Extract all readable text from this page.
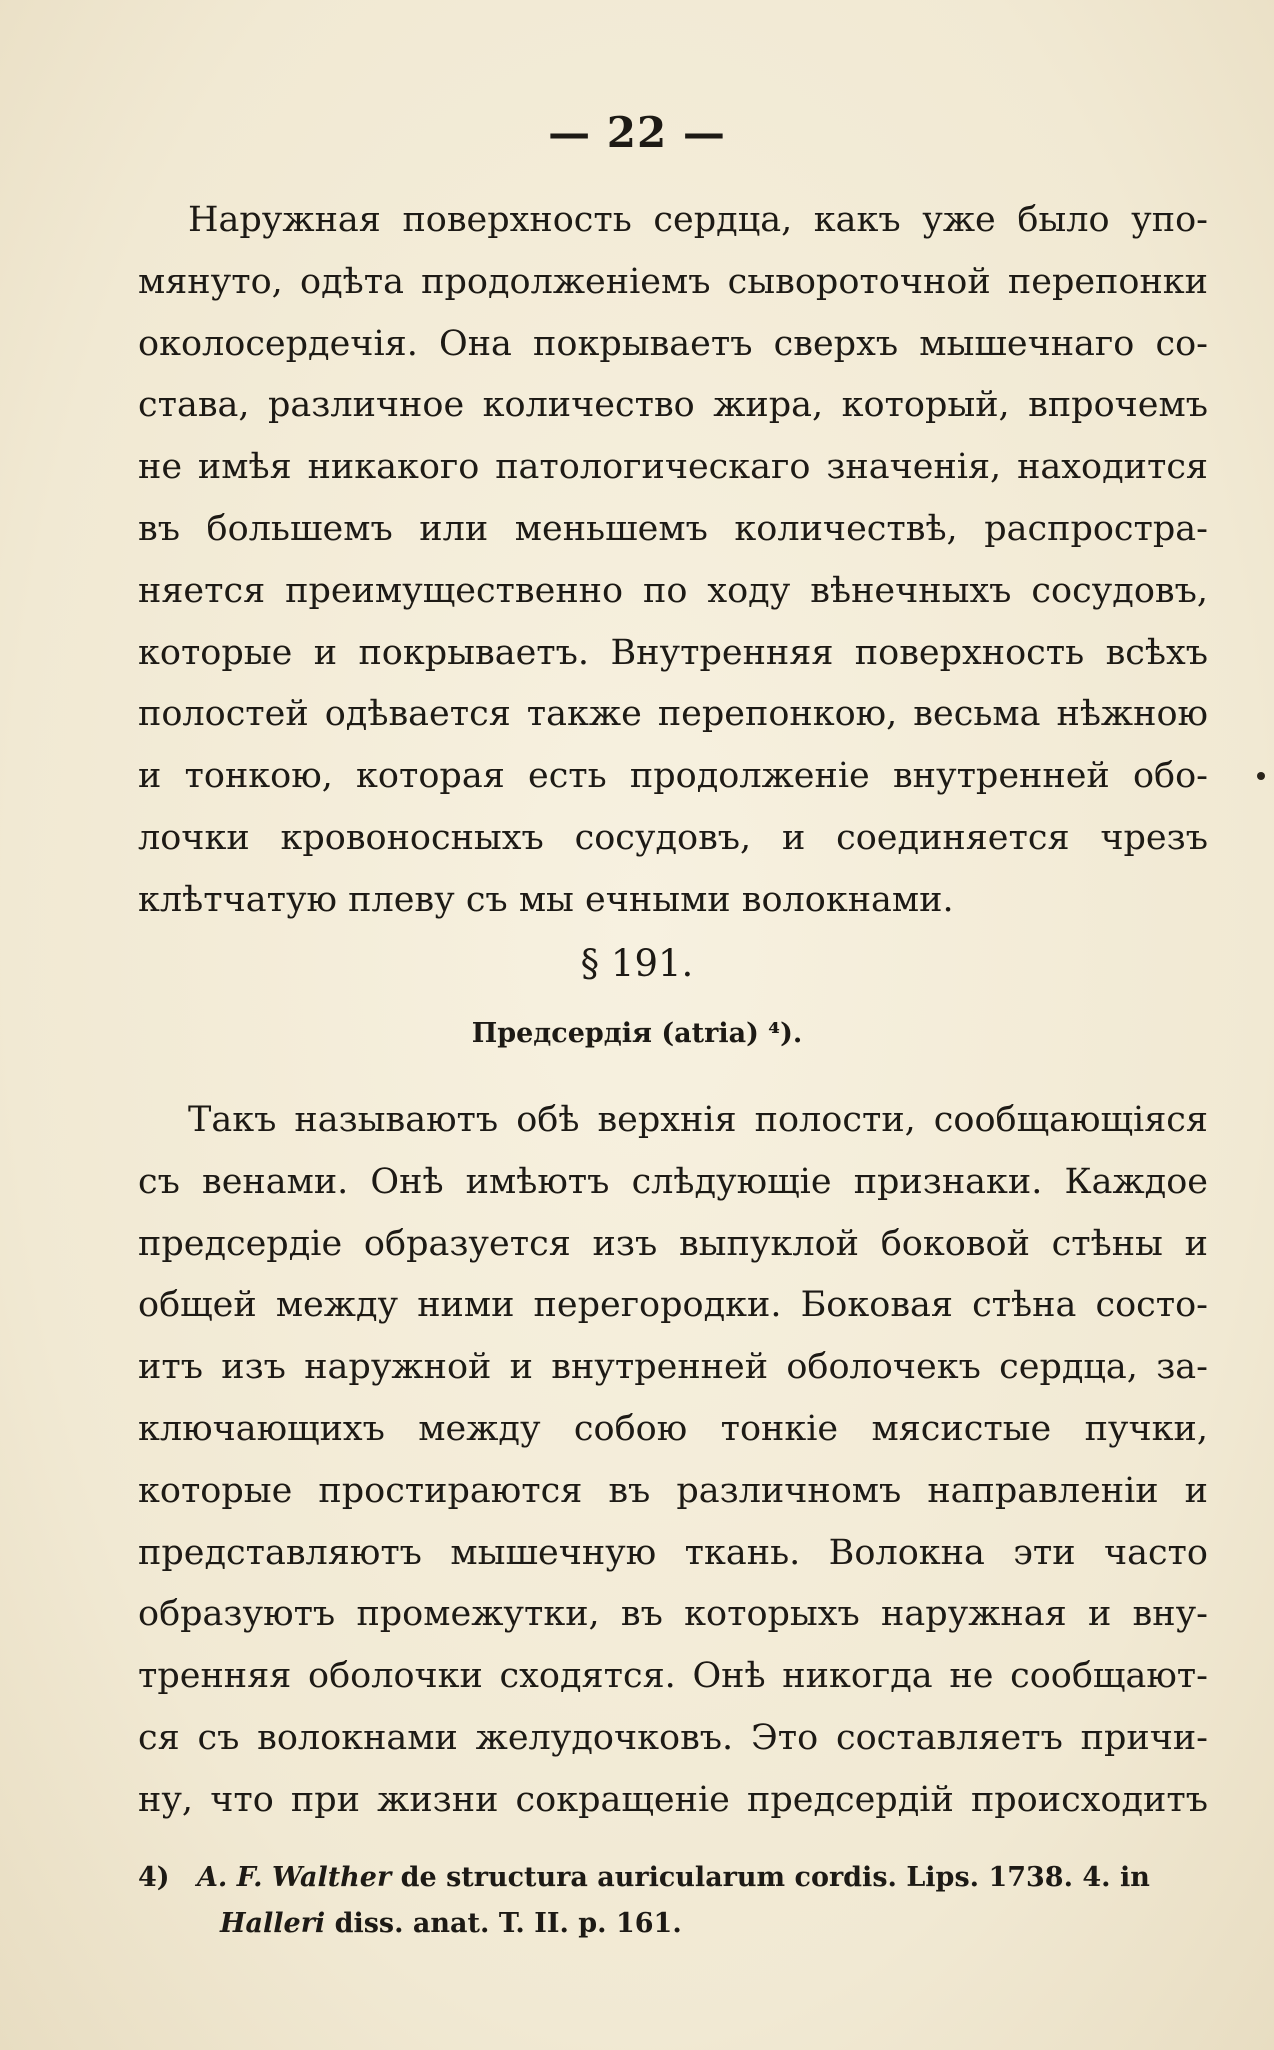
— 22 —
Наружная поверхность сердца, какъ уже было упо-
мянуто, одѣта продолженіемъ сывороточной перепонки
околосердечія. Она покрываетъ сверхъ мышечнаго со-
става, различное количество жира, который, впрочемъ
не имѣя никакого патологическаго значенія, находится
въ большемъ или меньшемъ количествѣ, распростра-
няется преимущественно по ходу вѣнечныхъ сосудовъ,
которые и покрываетъ. Внутренняя поверхность всѣхъ
полостей одѣвается также перепонкою, весьма нѣжною
и тонкою, которая есть продолженіе внутренней обо-
лочки кровоносныхъ сосудовъ, и соединяется чрезъ
клѣтчатую плеву съ мы ечными волокнами.
§ 191.
Предсердія (atria) ⁴).
Такъ называютъ обѣ верхнія полости, сообщающіяся
съ венами. Онѣ имѣютъ слѣдующіе признаки. Каждое
предсердіе образуется изъ выпуклой боковой стѣны и
общей между ними перегородки. Боковая стѣна состо-
итъ изъ наружной и внутренней оболочекъ сердца, за-
ключающихъ между собою тонкіе мясистые пучки,
которые простираются въ различномъ направленіи и
представляютъ мышечную ткань. Волокна эти часто
образуютъ промежутки, въ которыхъ наружная и вну-
тренняя оболочки сходятся. Онѣ никогда не сообщают-
ся съ волокнами желудочковъ. Это составляетъ причи-
ну, что при жизни сокращеніе предсердій происходитъ
4) A. F. Walther de structura auricularum cordis. Lips. 1738. 4. in
Halleri diss. anat. T. II. p. 161.
